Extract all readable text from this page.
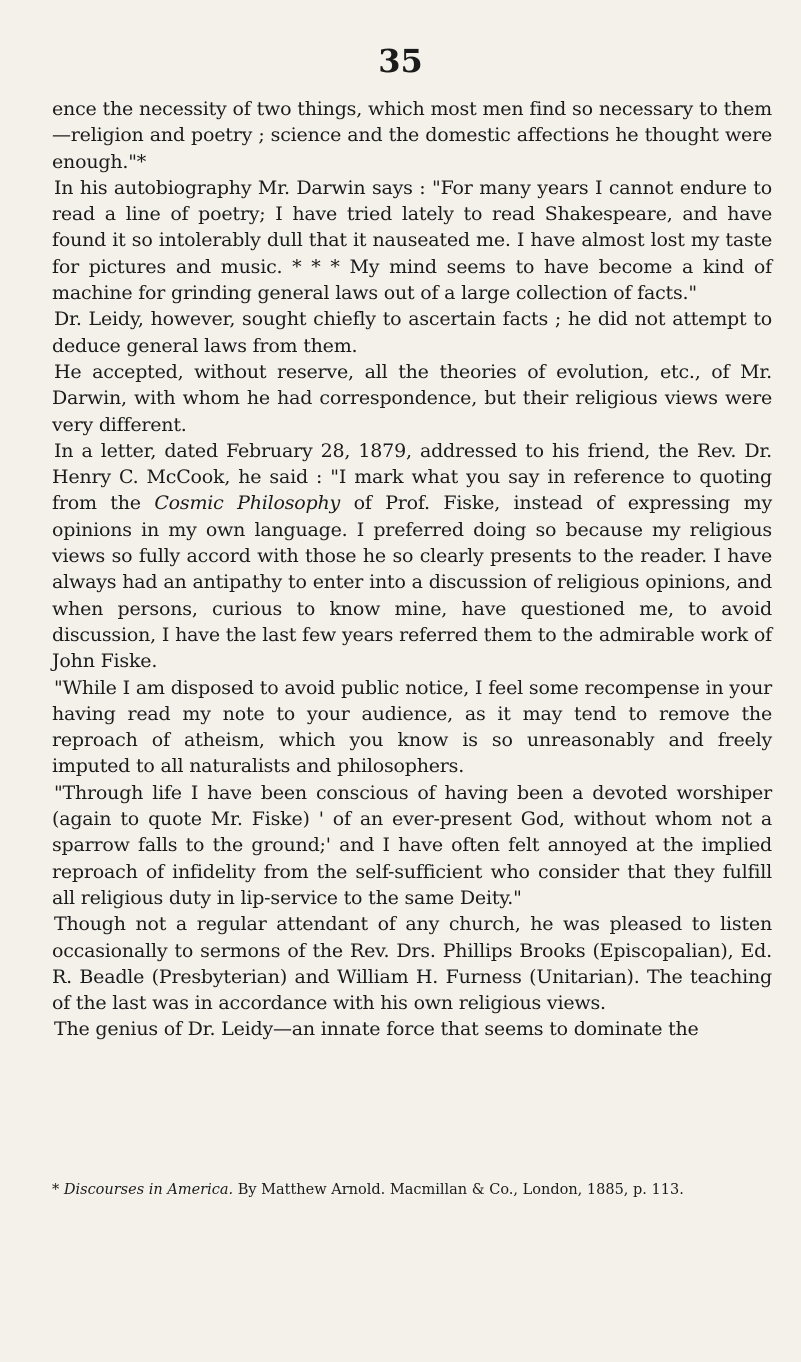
35

ence the necessity of two things, which most men find so necessary to them—religion and poetry ; science and the domestic affections he thought were enough."*

In his autobiography Mr. Darwin says : "For many years I cannot endure to read a line of poetry; I have tried lately to read Shakespeare, and have found it so intolerably dull that it nauseated me. I have almost lost my taste for pictures and music. * * * My mind seems to have become a kind of machine for grinding general laws out of a large collection of facts."

Dr. Leidy, however, sought chiefly to ascertain facts ; he did not attempt to deduce general laws from them.

He accepted, without reserve, all the theories of evolution, etc., of Mr. Darwin, with whom he had correspondence, but their religious views were very different.

In a letter, dated February 28, 1879, addressed to his friend, the Rev. Dr. Henry C. McCook, he said : "I mark what you say in reference to quoting from the Cosmic Philosophy of Prof. Fiske, instead of expressing my opinions in my own language. I preferred doing so because my religious views so fully accord with those he so clearly presents to the reader. I have always had an antipathy to enter into a discussion of religious opinions, and when persons, curious to know mine, have questioned me, to avoid discussion, I have the last few years referred them to the admirable work of John Fiske.

"While I am disposed to avoid public notice, I feel some recompense in your having read my note to your audience, as it may tend to remove the reproach of atheism, which you know is so unreasonably and freely imputed to all naturalists and philosophers.

"Through life I have been conscious of having been a devoted worshiper (again to quote Mr. Fiske) ' of an ever-present God, without whom not a sparrow falls to the ground;' and I have often felt annoyed at the implied reproach of infidelity from the self-sufficient who consider that they fulfill all religious duty in lip-service to the same Deity."

Though not a regular attendant of any church, he was pleased to listen occasionally to sermons of the Rev. Drs. Phillips Brooks (Episcopalian), Ed. R. Beadle (Presbyterian) and William H. Furness (Unitarian). The teaching of the last was in accordance with his own religious views.

The genius of Dr. Leidy—an innate force that seems to dominate the

* Discourses in America. By Matthew Arnold. Macmillan & Co., London, 1885, p. 113.
